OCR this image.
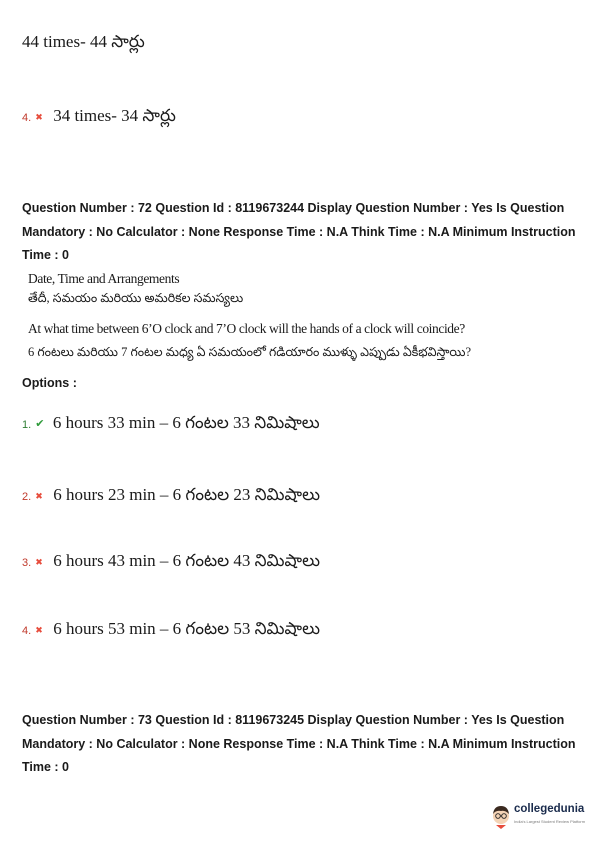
44 times- 44 సార్లు
4. ✖ 34 times- 34 సార్లు
Question Number : 72 Question Id : 8119673244 Display Question Number : Yes Is Question Mandatory : No Calculator : None Response Time : N.A Think Time : N.A Minimum Instruction Time : 0
Date, Time and Arrangements
తేదీ, సమయం మరియు అమరికల సమస్యలు
At what time between 6’O clock and 7’O clock will the hands of a clock will coincide?
6 గంటలు మరియు 7 గంటల మధ్య ఏ సమయంలో గడియారం ముళ్ళు ఎప్పుడు ఏకీభవిస్తాయి?
Options :
1. ✔ 6 hours 33 min – 6 గంటల 33 నిమిషాలు
2. ✖ 6 hours 23 min – 6 గంటల 23 నిమిషాలు
3. ✖ 6 hours 43 min – 6 గంటల 43 నిమిషాలు
4. ✖ 6 hours 53 min – 6 గంటల 53 నిమిషాలు
Question Number : 73 Question Id : 8119673245 Display Question Number : Yes Is Question Mandatory : No Calculator : None Response Time : N.A Think Time : N.A Minimum Instruction Time : 0
collegedunia
India's Largest Student Review Platform
